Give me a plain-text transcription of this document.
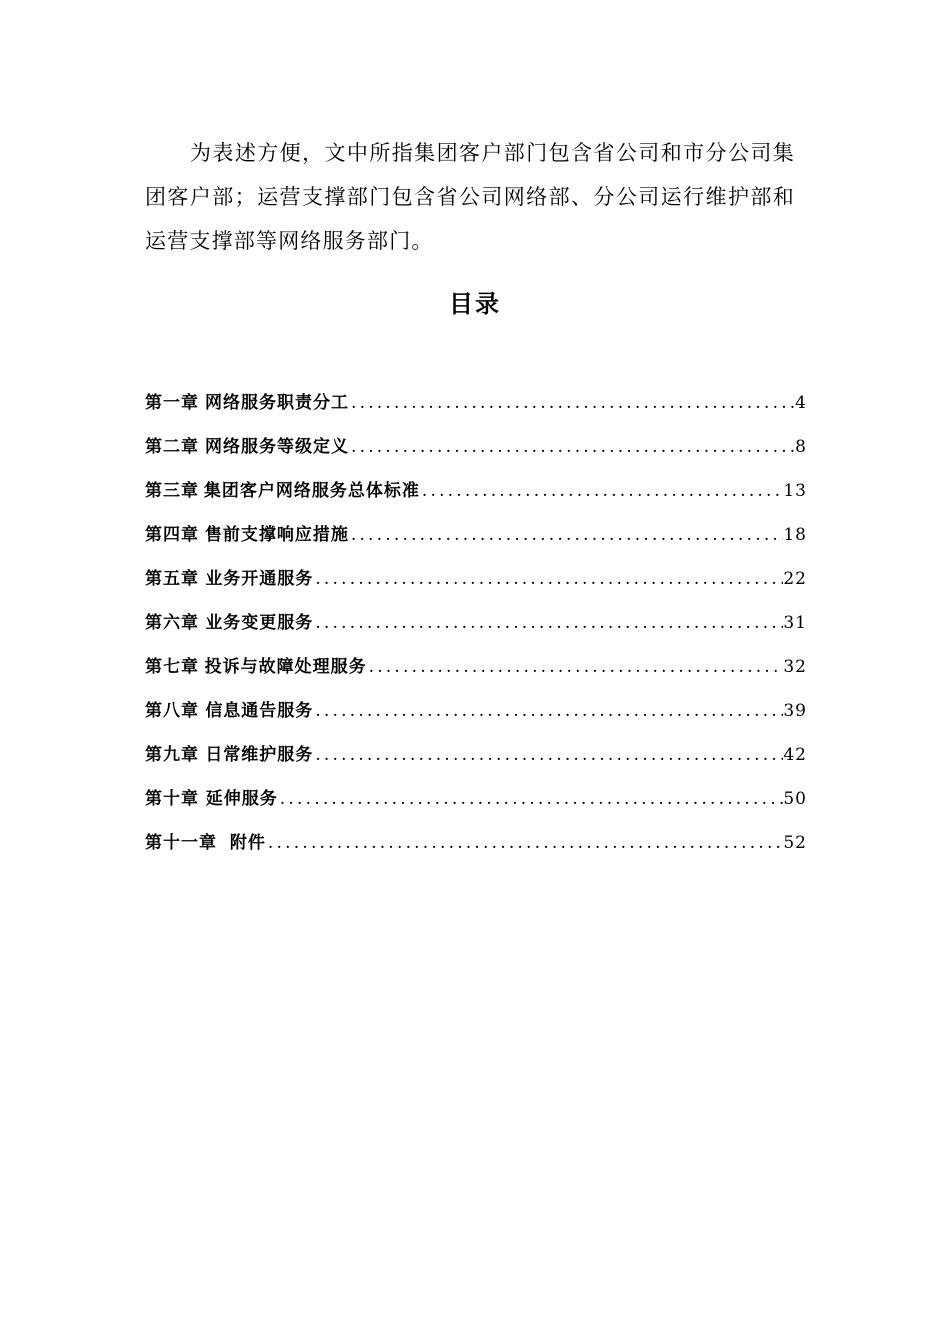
为表述方便，文中所指集团客户部门包含省公司和市分公司集团客户部；运营支撑部门包含省公司网络部、分公司运行维护部和运营支撑部等网络服务部门。

目录
第一章 网络服务职责分工 .....	4
第二章 网络服务等级定义 .....	8
第三章 集团客户网络服务总体标准 .....	13
第四章 售前支撑响应措施 .....	18
第五章 业务开通服务 .....	22
第六章 业务变更服务 .....	31
第七章 投诉与故障处理服务 .....	32
第八章 信息通告服务 .....	39
第九章 日常维护服务 .....	42
第十章 延伸服务 .....	50
第十一章 附件 .....	52
